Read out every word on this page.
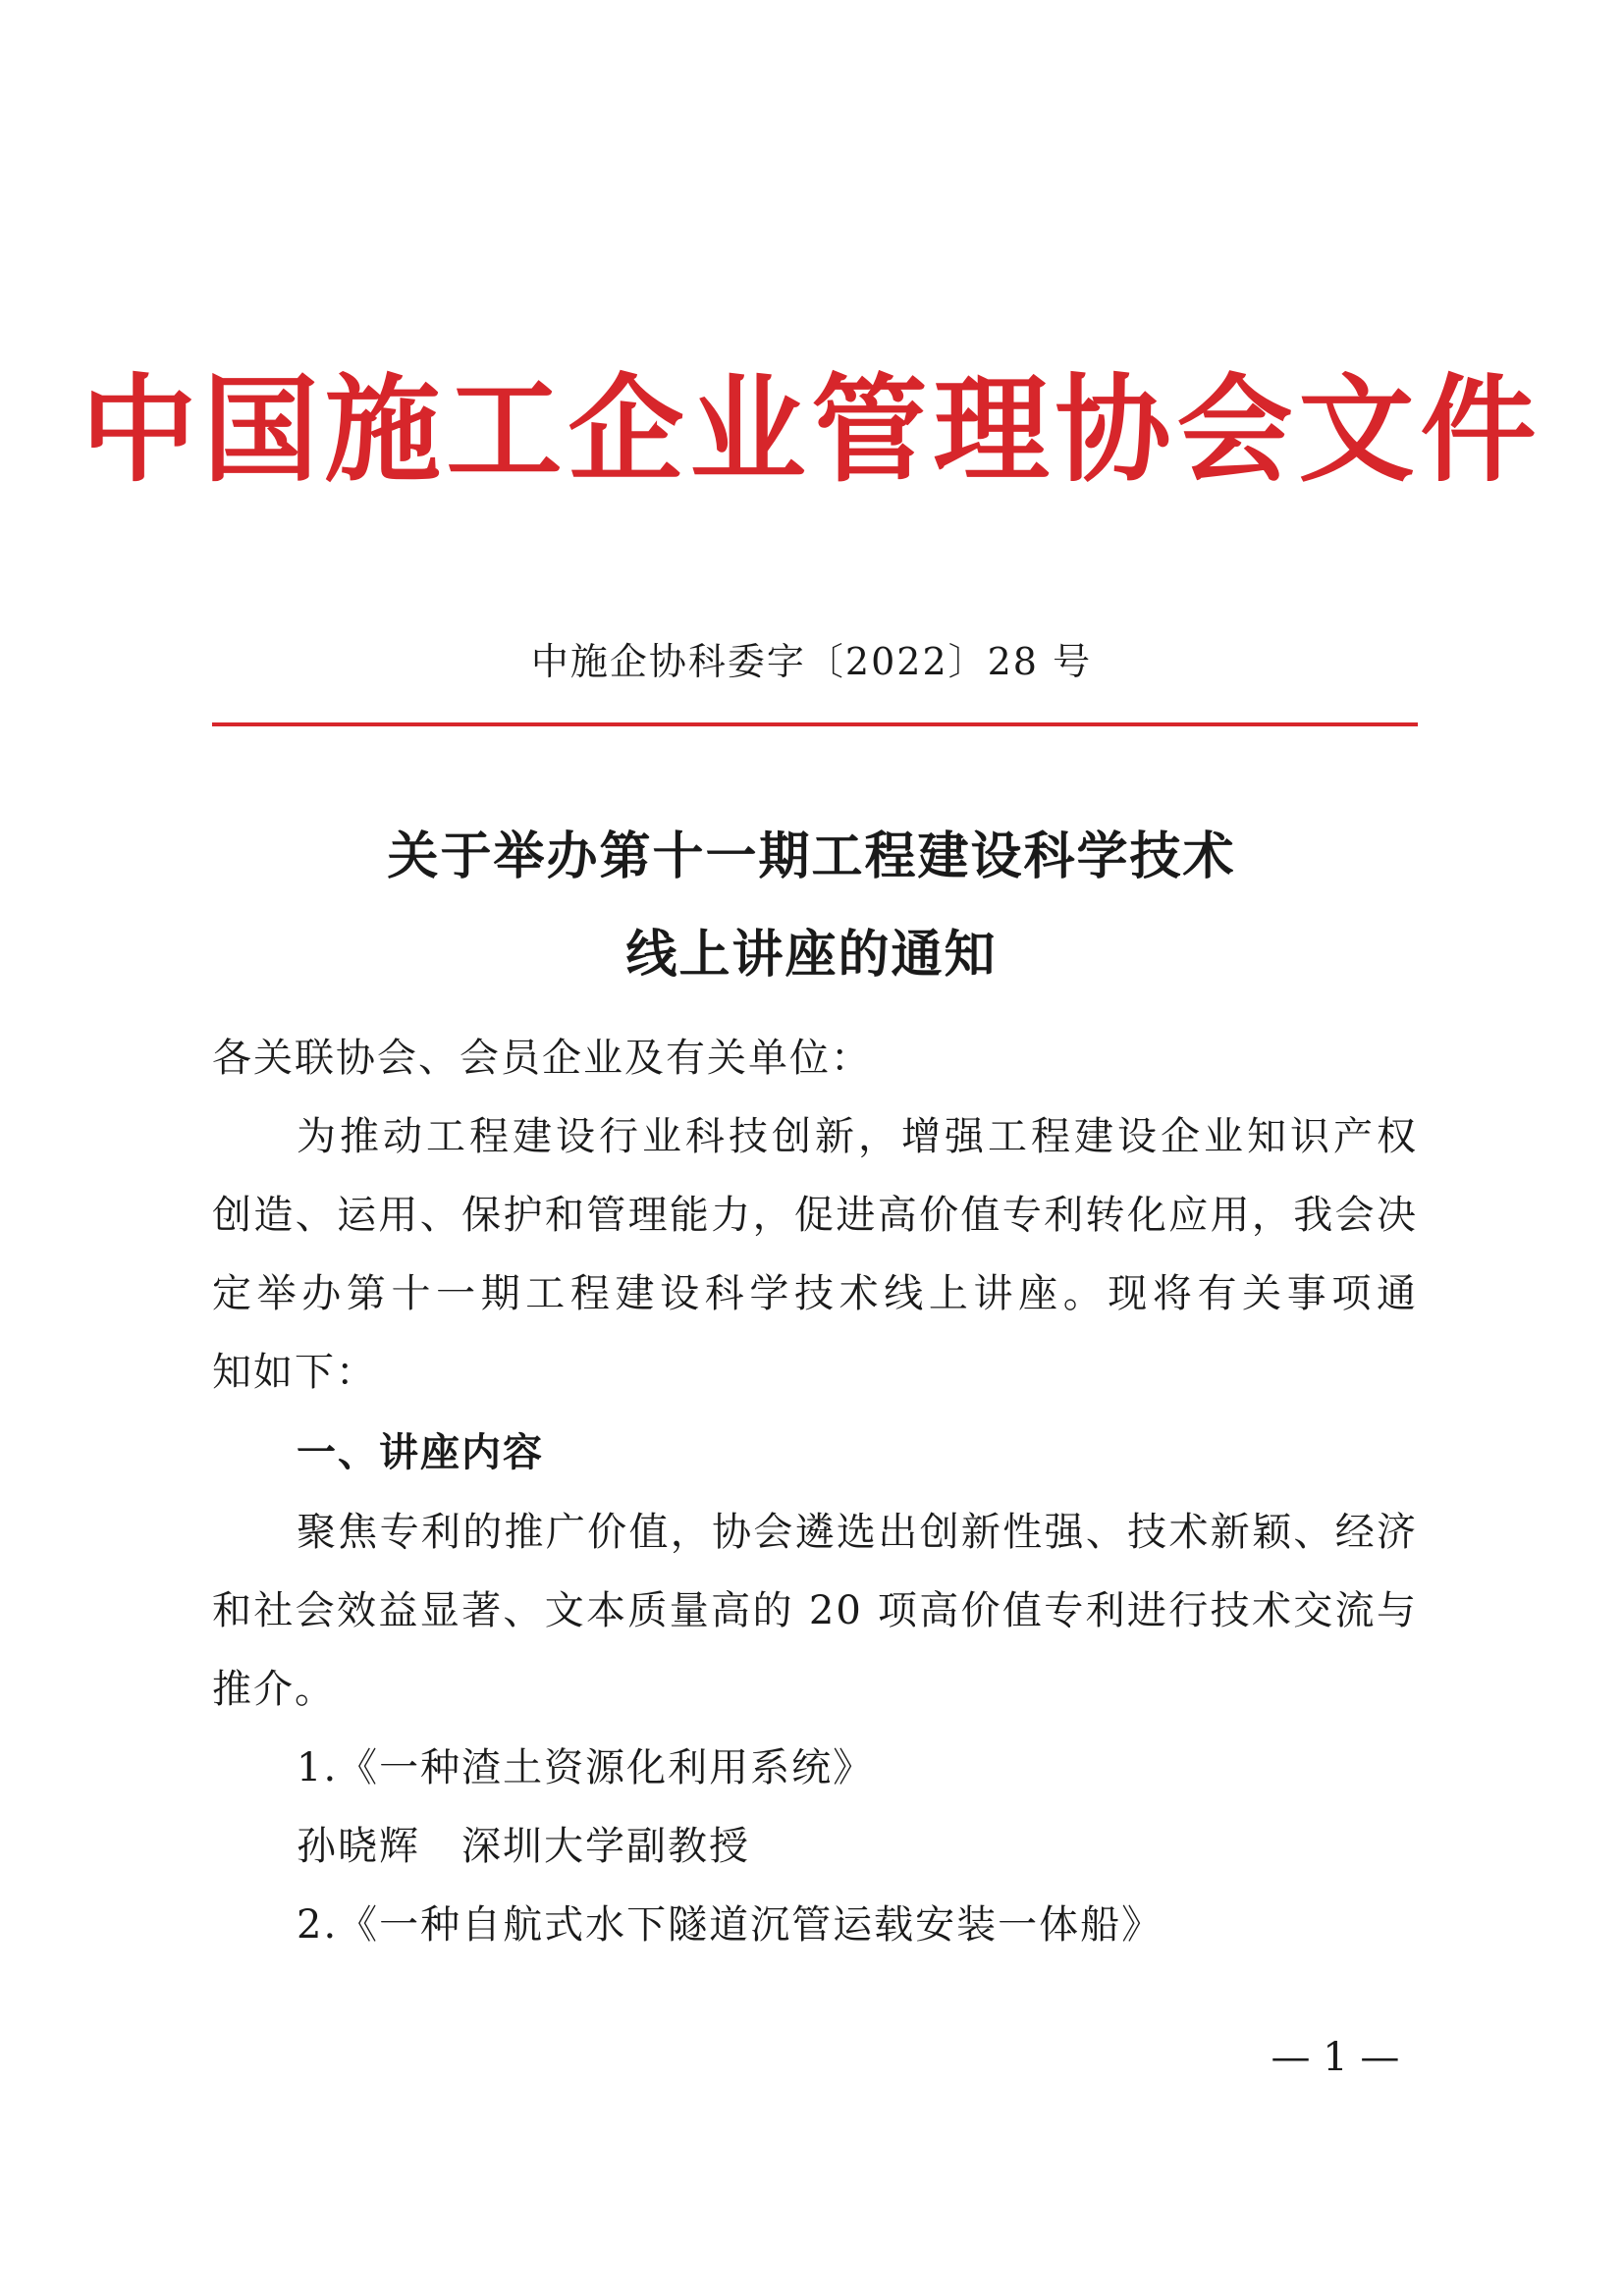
中国施工企业管理协会文件
中施企协科委字〔2022〕28 号
关于举办第十一期工程建设科学技术
线上讲座的通知
各关联协会、会员企业及有关单位：
为推动工程建设行业科技创新，增强工程建设企业知识产权
创造、运用、保护和管理能力，促进高价值专利转化应用，我会决
定举办第十一期工程建设科学技术线上讲座。现将有关事项通
知如下：
一、讲座内容
聚焦专利的推广价值，协会遴选出创新性强、技术新颖、经济
和社会效益显著、文本质量高的 20 项高价值专利进行技术交流与
推介。
1.《一种渣土资源化利用系统》
孙晓辉　深圳大学副教授
2.《一种自航式水下隧道沉管运载安装一体船》
— 1 —
